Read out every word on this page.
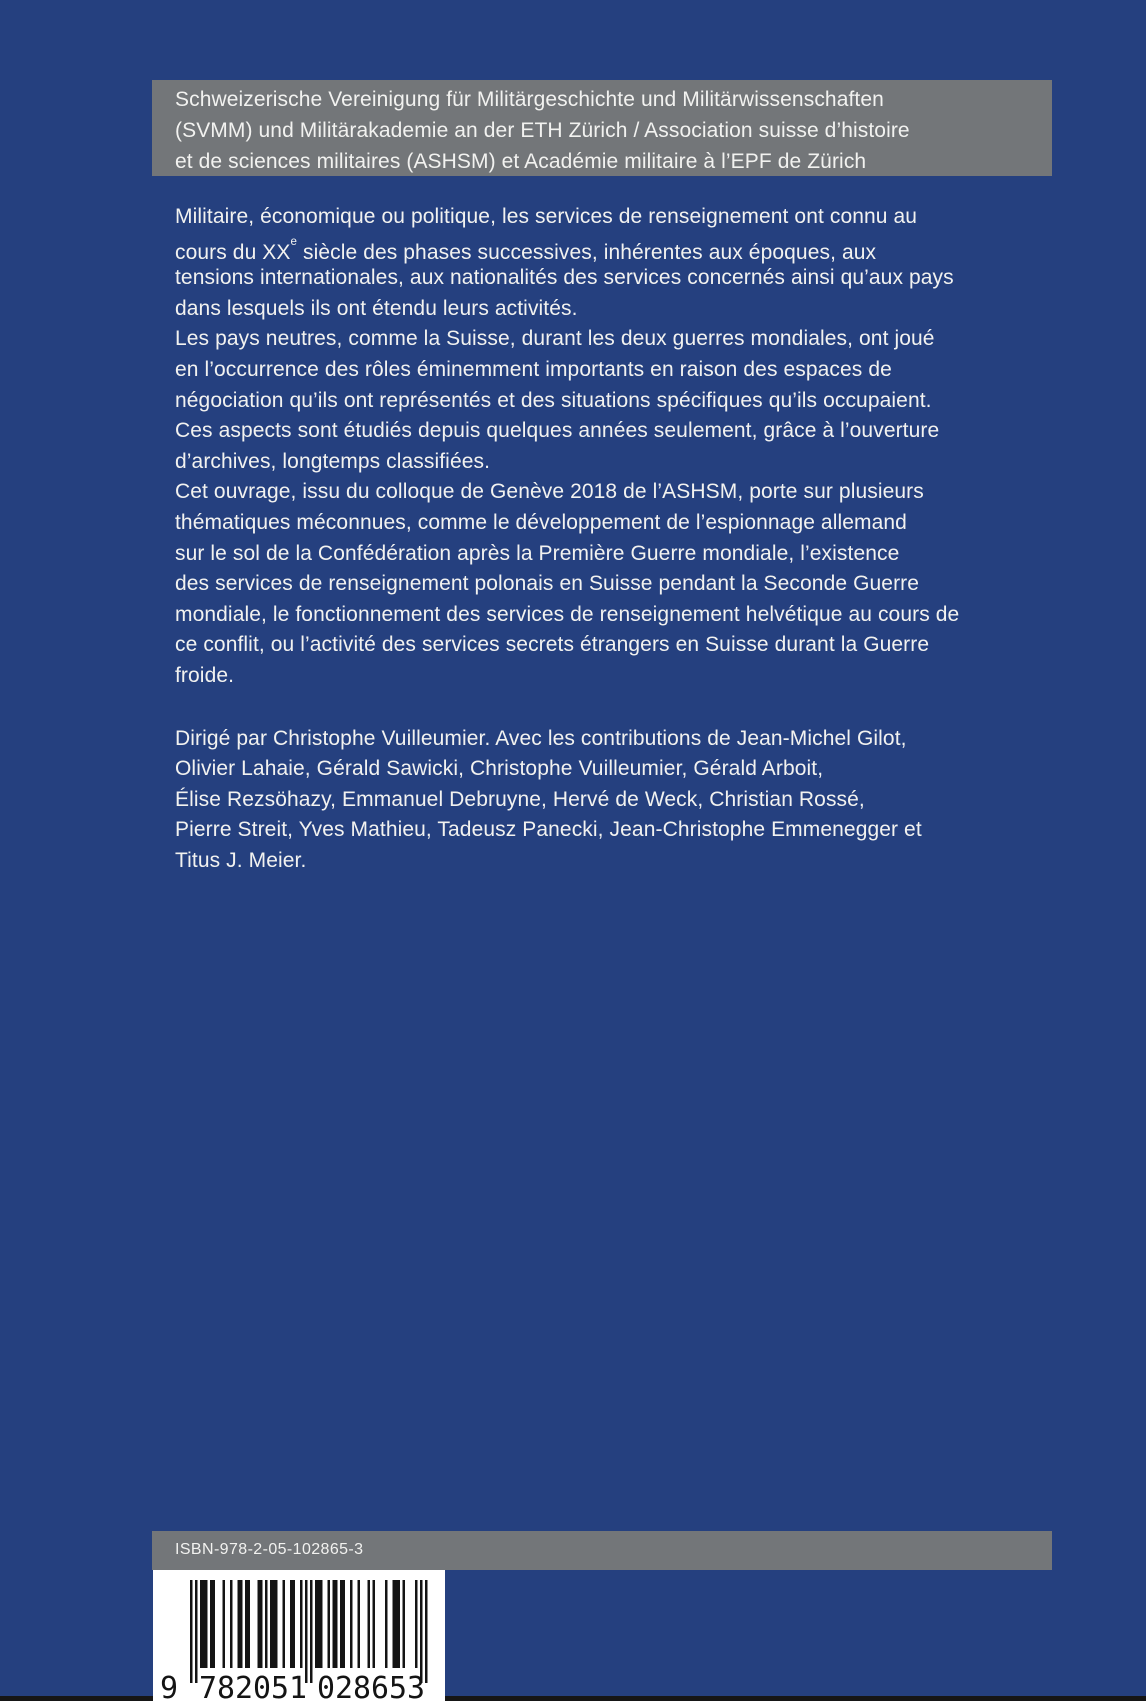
Schweizerische Vereinigung für Militärgeschichte und Militärwissenschaften
(SVMM) und Militärakademie an der ETH Zürich / Association suisse d’histoire
et de sciences militaires (ASHSM) et Académie militaire à l’EPF de Zürich
Militaire, économique ou politique, les services de renseignement ont connu au
cours du XXe siècle des phases successives, inhérentes aux époques, aux
tensions internationales, aux nationalités des services concernés ainsi qu’aux pays
dans lesquels ils ont étendu leurs activités.
Les pays neutres, comme la Suisse, durant les deux guerres mondiales, ont joué
en l’occurrence des rôles éminemment importants en raison des espaces de
négociation qu’ils ont représentés et des situations spécifiques qu’ils occupaient.
Ces aspects sont étudiés depuis quelques années seulement, grâce à l’ouverture
d’archives, longtemps classifiées.
Cet ouvrage, issu du colloque de Genève 2018 de l’ASHSM, porte sur plusieurs
thématiques méconnues, comme le développement de l’espionnage allemand
sur le sol de la Confédération après la Première Guerre mondiale, l’existence
des services de renseignement polonais en Suisse pendant la Seconde Guerre
mondiale, le fonctionnement des services de renseignement helvétique au cours de
ce conflit, ou l’activité des services secrets étrangers en Suisse durant la Guerre
froide.
Dirigé par Christophe Vuilleumier. Avec les contributions de Jean-Michel Gilot,
Olivier Lahaie, Gérald Sawicki, Christophe Vuilleumier, Gérald Arboit,
Élise Rezsöhazy, Emmanuel Debruyne, Hervé de Weck, Christian Rossé,
Pierre Streit, Yves Mathieu, Tadeusz Panecki, Jean-Christophe Emmenegger et
Titus J. Meier.
ISBN-978-2-05-102865-3
9 782051 028653
